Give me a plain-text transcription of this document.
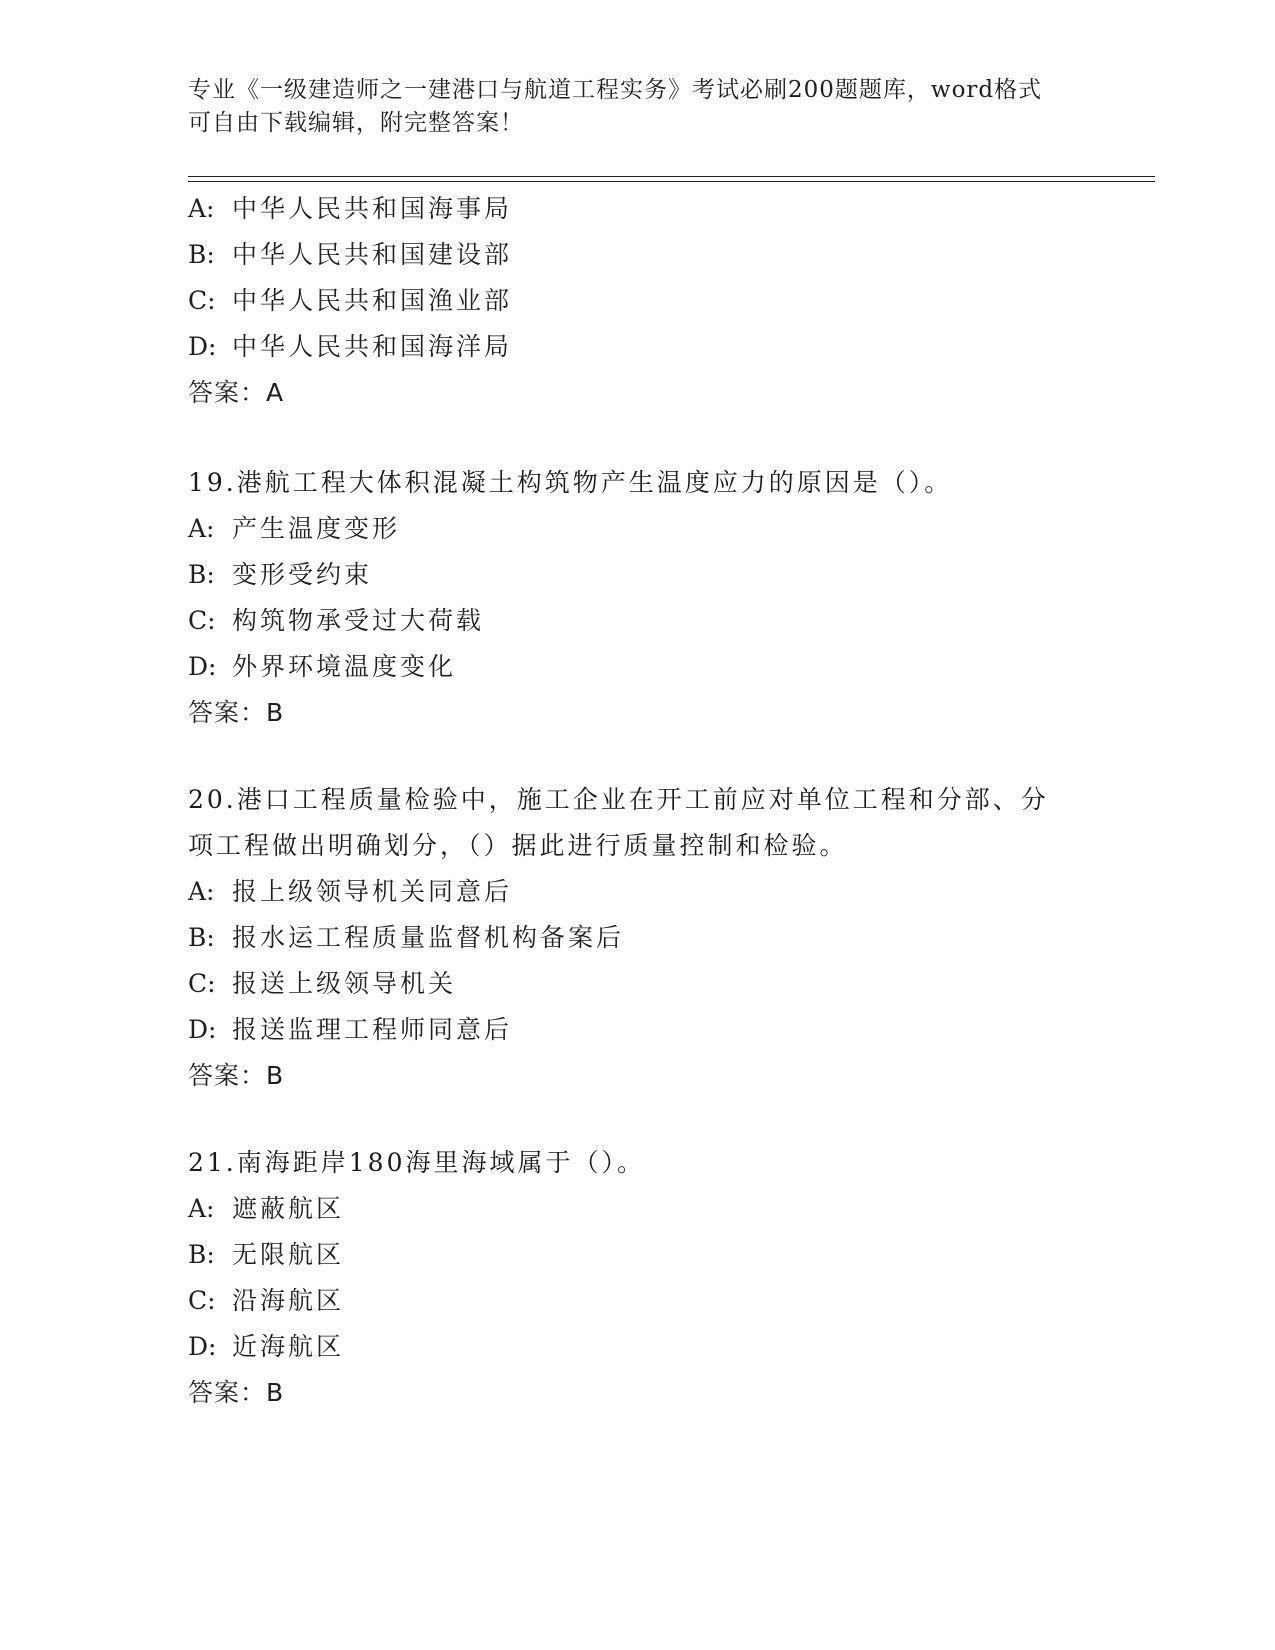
专业《一级建造师之一建港口与航道工程实务》考试必刷200题题库，word格式
可自由下载编辑，附完整答案！
A: 中华人民共和国海事局
B: 中华人民共和国建设部
C: 中华人民共和国渔业部
D: 中华人民共和国海洋局
答案：A
19.港航工程大体积混凝土构筑物产生温度应力的原因是（）。
A: 产生温度变形
B: 变形受约束
C: 构筑物承受过大荷载
D: 外界环境温度变化
答案：B
20.港口工程质量检验中，施工企业在开工前应对单位工程和分部、分
项工程做出明确划分，（）据此进行质量控制和检验。
A: 报上级领导机关同意后
B: 报水运工程质量监督机构备案后
C: 报送上级领导机关
D: 报送监理工程师同意后
答案：B
21.南海距岸180海里海域属于（）。
A: 遮蔽航区
B: 无限航区
C: 沿海航区
D: 近海航区
答案：B
